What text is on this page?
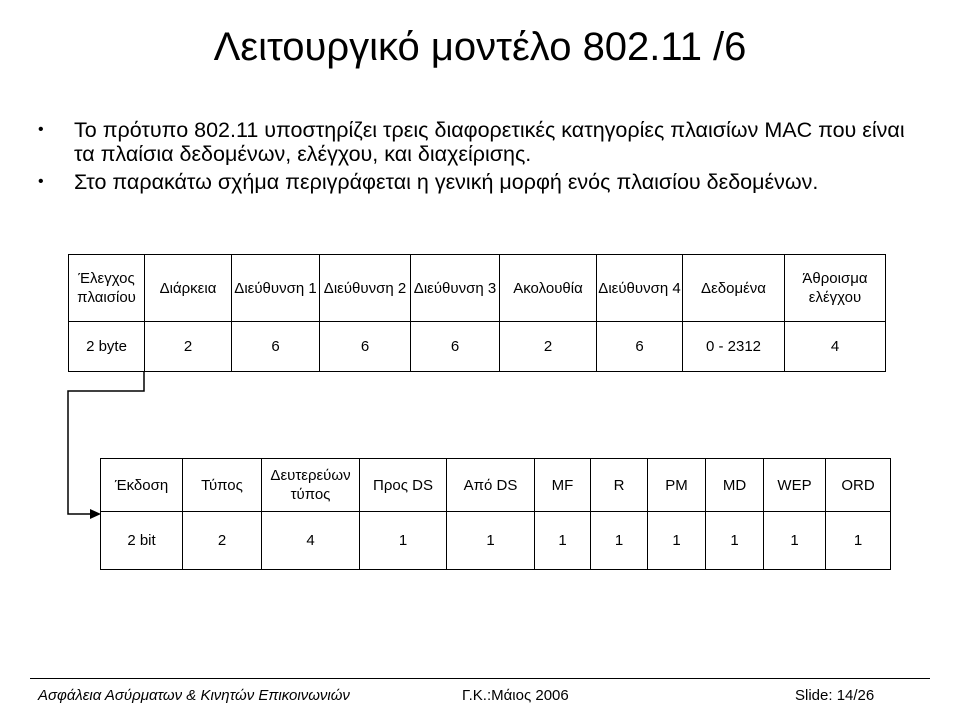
Λειτουργικό μοντέλο 802.11 /6
• Το πρότυπο 802.11 υποστηρίζει τρεις διαφορετικές κατηγορίες πλαισίων MAC που είναι τα πλαίσια δεδομένων, ελέγχου, και διαχείρισης.
• Στο παρακάτω σχήμα περιγράφεται η γενική μορφή ενός πλαισίου δεδομένων.
Έλεγχος πλαισίου	Διάρκεια	Διεύθυνση 1	Διεύθυνση 2	Διεύθυνση 3	Ακολουθία	Διεύθυνση 4	Δεδομένα	Άθροισμα ελέγχου
2 byte	2	6	6	6	2	6	0 - 2312	4
Έκδοση	Τύπος	Δευτερεύων τύπος	Προς DS	Από DS	MF	R	PM	MD	WEP	ORD
2 bit	2	4	1	1	1	1	1	1	1	1
Ασφάλεια Ασύρματων & Κινητών Επικοινωνιών	Γ.Κ.:Μάιος 2006	Slide: 14/26
